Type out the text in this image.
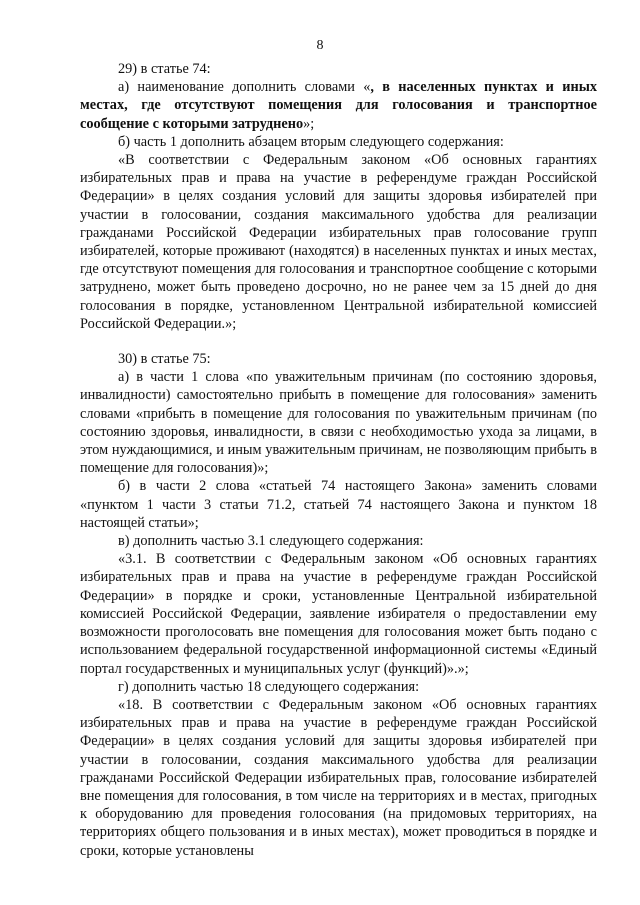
8

29) в статье 74:

а) наименование дополнить словами «, в населенных пунктах и иных местах, где отсутствуют помещения для голосования и транспортное сообщение с которыми затруднено»;

б) часть 1 дополнить абзацем вторым следующего содержания:

«В соответствии с Федеральным законом «Об основных гарантиях избирательных прав и права на участие в референдуме граждан Российской Федерации» в целях создания условий для защиты здоровья избирателей при участии в голосовании, создания максимального удобства для реализации гражданами Российской Федерации избирательных прав голосование групп избирателей, которые проживают (находятся) в населенных пунктах и иных местах, где отсутствуют помещения для голосования и транспортное сообщение с которыми затруднено, может быть проведено досрочно, но не ранее чем за 15 дней до дня голосования в порядке, установленном Центральной избирательной комиссией Российской Федерации.»;

30) в статье 75:

а) в части 1 слова «по уважительным причинам (по состоянию здоровья, инвалидности) самостоятельно прибыть в помещение для голосования» заменить словами «прибыть в помещение для голосования по уважительным причинам (по состоянию здоровья, инвалидности, в связи с необходимостью ухода за лицами, в этом нуждающимися, и иным уважительным причинам, не позволяющим прибыть в помещение для голосования)»;

б) в части 2 слова «статьей 74 настоящего Закона» заменить словами «пунктом 1 части 3 статьи 71.2, статьей 74 настоящего Закона и пунктом 18 настоящей статьи»;

в) дополнить частью 3.1 следующего содержания:

«3.1. В соответствии с Федеральным законом «Об основных гарантиях избирательных прав и права на участие в референдуме граждан Российской Федерации» в порядке и сроки, установленные Центральной избирательной комиссией Российской Федерации, заявление избирателя о предоставлении ему возможности проголосовать вне помещения для голосования может быть подано с использованием федеральной государственной информационной системы «Единый портал государственных и муниципальных услуг (функций)».»;

г) дополнить частью 18 следующего содержания:

«18. В соответствии с Федеральным законом «Об основных гарантиях избирательных прав и права на участие в референдуме граждан Российской Федерации» в целях создания условий для защиты здоровья избирателей при участии в голосовании, создания максимального удобства для реализации гражданами Российской Федерации избирательных прав, голосование избирателей вне помещения для голосования, в том числе на территориях и в местах, пригодных к оборудованию для проведения голосования (на придомовых территориях, на территориях общего пользования и в иных местах), может проводиться в порядке и сроки, которые установлены
